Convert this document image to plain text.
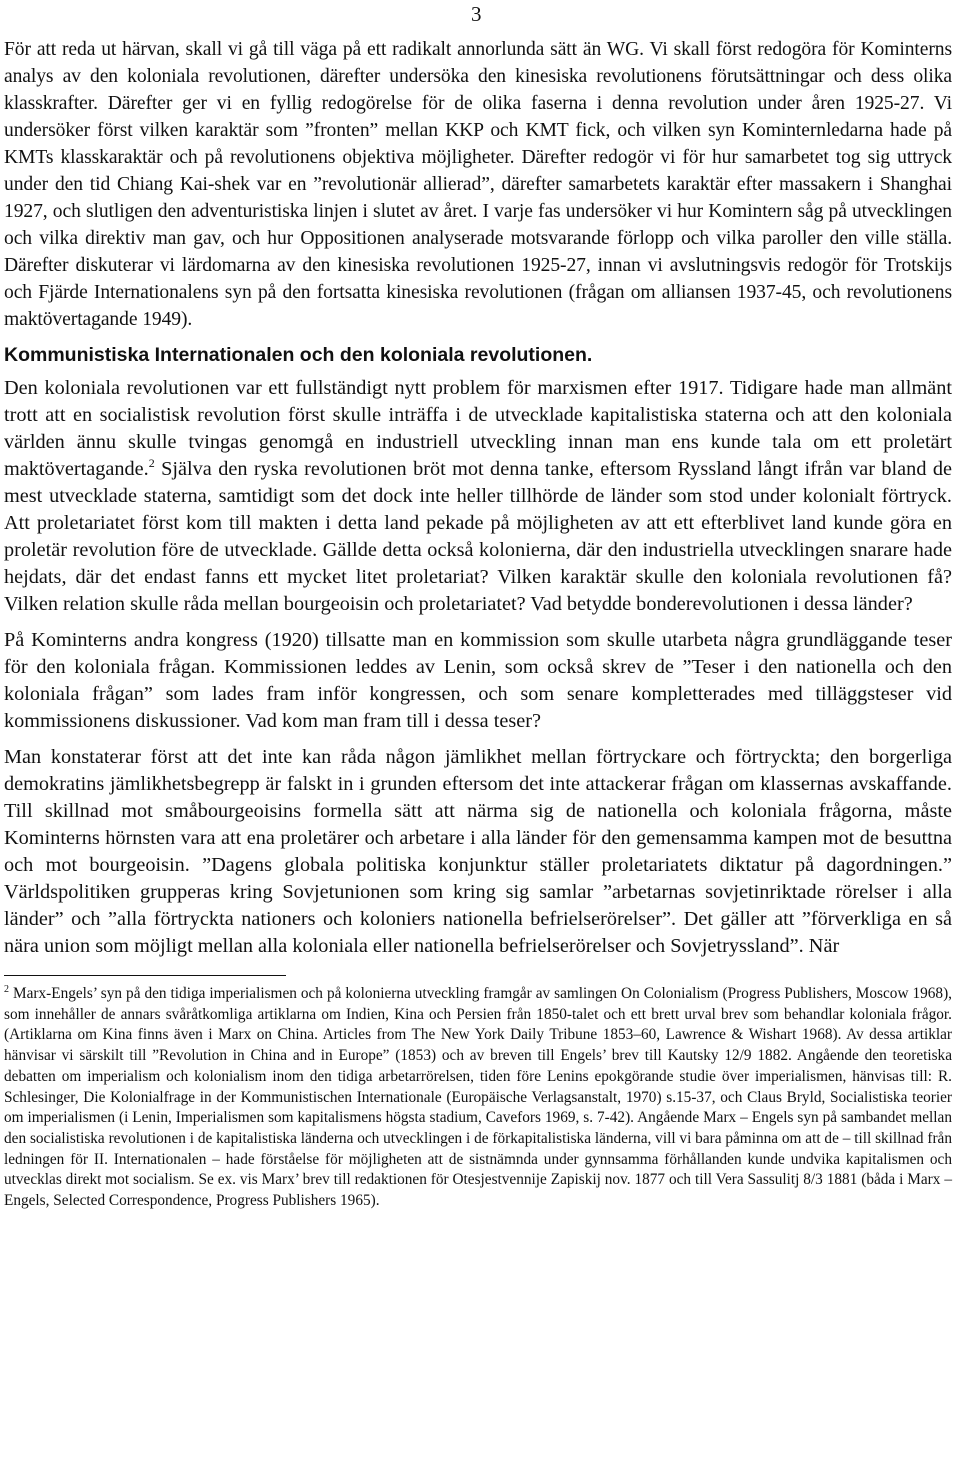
3

För att reda ut härvan, skall vi gå till väga på ett radikalt annorlunda sätt än WG. Vi skall först redogöra för Kominterns analys av den koloniala revolutionen, därefter undersöka den kinesiska revolutionens förutsättningar och dess olika klasskrafter. Därefter ger vi en fyllig redogörelse för de olika faserna i denna revolution under åren 1925-27. Vi undersöker först vilken karaktär som ”fronten” mellan KKP och KMT fick, och vilken syn Kominternledarna hade på KMTs klasskaraktär och på revolutionens objektiva möjligheter. Därefter redogör vi för hur samarbetet tog sig uttryck under den tid Chiang Kai-shek var en ”revolutionär allierad”, därefter samarbetets karaktär efter massakern i Shanghai 1927, och slutligen den adventuristiska linjen i slutet av året. I varje fas undersöker vi hur Komintern såg på utvecklingen och vilka direktiv man gav, och hur Oppositionen analyserade motsvarande förlopp och vilka paroller den ville ställa. Därefter diskuterar vi lärdomarna av den kinesiska revolutionen 1925-27, innan vi avslutningsvis redogör för Trotskijs och Fjärde Internationalens syn på den fortsatta kinesiska revolutionen (frågan om alliansen 1937-45, och revolutionens maktövertagande 1949).

Kommunistiska Internationalen och den koloniala revolutionen.

Den koloniala revolutionen var ett fullständigt nytt problem för marxismen efter 1917. Tidigare hade man allmänt trott att en socialistisk revolution först skulle inträffa i de utvecklade kapitalistiska staterna och att den koloniala världen ännu skulle tvingas genomgå en industriell utveckling innan man ens kunde tala om ett proletärt maktövertagande.$^2$ Själva den ryska revolutionen bröt mot denna tanke, eftersom Ryssland långt ifrån var bland de mest utvecklade staterna, samtidigt som det dock inte heller tillhörde de länder som stod under kolonialt förtryck. Att proletariatet först kom till makten i detta land pekade på möjligheten av att ett efterblivet land kunde göra en proletär revolution före de utvecklade. Gällde detta också kolonierna, där den industriella utvecklingen snarare hade hejdats, där det endast fanns ett mycket litet proletariat? Vilken karaktär skulle den koloniala revolutionen få? Vilken relation skulle råda mellan bourgeoisin och proletariatet? Vad betydde bonderevolutionen i dessa länder?

På Kominterns andra kongress (1920) tillsatte man en kommission som skulle utarbeta några grundläggande teser för den koloniala frågan. Kommissionen leddes av Lenin, som också skrev de ”Teser i den nationella och den koloniala frågan” som lades fram inför kongressen, och som senare kompletterades med tilläggsteser vid kommissionens diskussioner. Vad kom man fram till i dessa teser?

Man konstaterar först att det inte kan råda någon jämlikhet mellan förtryckare och förtryckta; den borgerliga demokratins jämlikhetsbegrepp är falskt in i grunden eftersom det inte attackerar frågan om klassernas avskaffande. Till skillnad mot småbourgeoisins formella sätt att närma sig de nationella och koloniala frågorna, måste Kominterns hörnsten vara att ena proletärer och arbetare i alla länder för den gemensamma kampen mot de besuttna och mot bourgeoisin. ”Dagens globala politiska konjunktur ställer proletariatets diktatur på dagordningen.” Världspolitiken grupperas kring Sovjetunionen som kring sig samlar ”arbetarnas sovjetinriktade rörelser i alla länder” och ”alla förtryckta nationers och koloniers nationella befrielserörelser”. Det gäller att ”förverkliga en så nära union som möjligt mellan alla koloniala eller nationella befrielserörelser och Sovjetryssland”. När

$^2$ Marx-Engels’ syn på den tidiga imperialismen och på kolonierna utveckling framgår av samlingen On Colonialism (Progress Publishers, Moscow 1968), som innehåller de annars svåråtkomliga artiklarna om Indien, Kina och Persien från 1850-talet och ett brett urval brev som behandlar koloniala frågor. (Artiklarna om Kina finns även i Marx on China. Articles from The New York Daily Tribune 1853–60, Lawrence & Wishart 1968). Av dessa artiklar hänvisar vi särskilt till ”Revolution in China and in Europe” (1853) och av breven till Engels’ brev till Kautsky 12/9 1882. Angående den teoretiska debatten om imperialism och kolonialism inom den tidiga arbetarrörelsen, tiden före Lenins epokgörande studie över imperialismen, hänvisas till: R. Schlesinger, Die Kolonialfrage in der Kommunistischen Internationale (Europäische Verlagsanstalt, 1970) s.15-37, och Claus Bryld, Socialistiska teorier om imperialismen (i Lenin, Imperialismen som kapitalismens högsta stadium, Cavefors 1969, s. 7-42). Angående Marx – Engels syn på sambandet mellan den socialistiska revolutionen i de kapitalistiska länderna och utvecklingen i de förkapitalistiska länderna, vill vi bara påminna om att de – till skillnad från ledningen för II. Internationalen – hade förståelse för möjligheten att de sistnämnda under gynnsamma förhållanden kunde undvika kapitalismen och utvecklas direkt mot socialism. Se ex. vis Marx’ brev till redaktionen för Otesjestvennije Zapiskij nov. 1877 och till Vera Sassulitj 8/3 1881 (båda i Marx – Engels, Selected Correspondence, Progress Publishers 1965).
